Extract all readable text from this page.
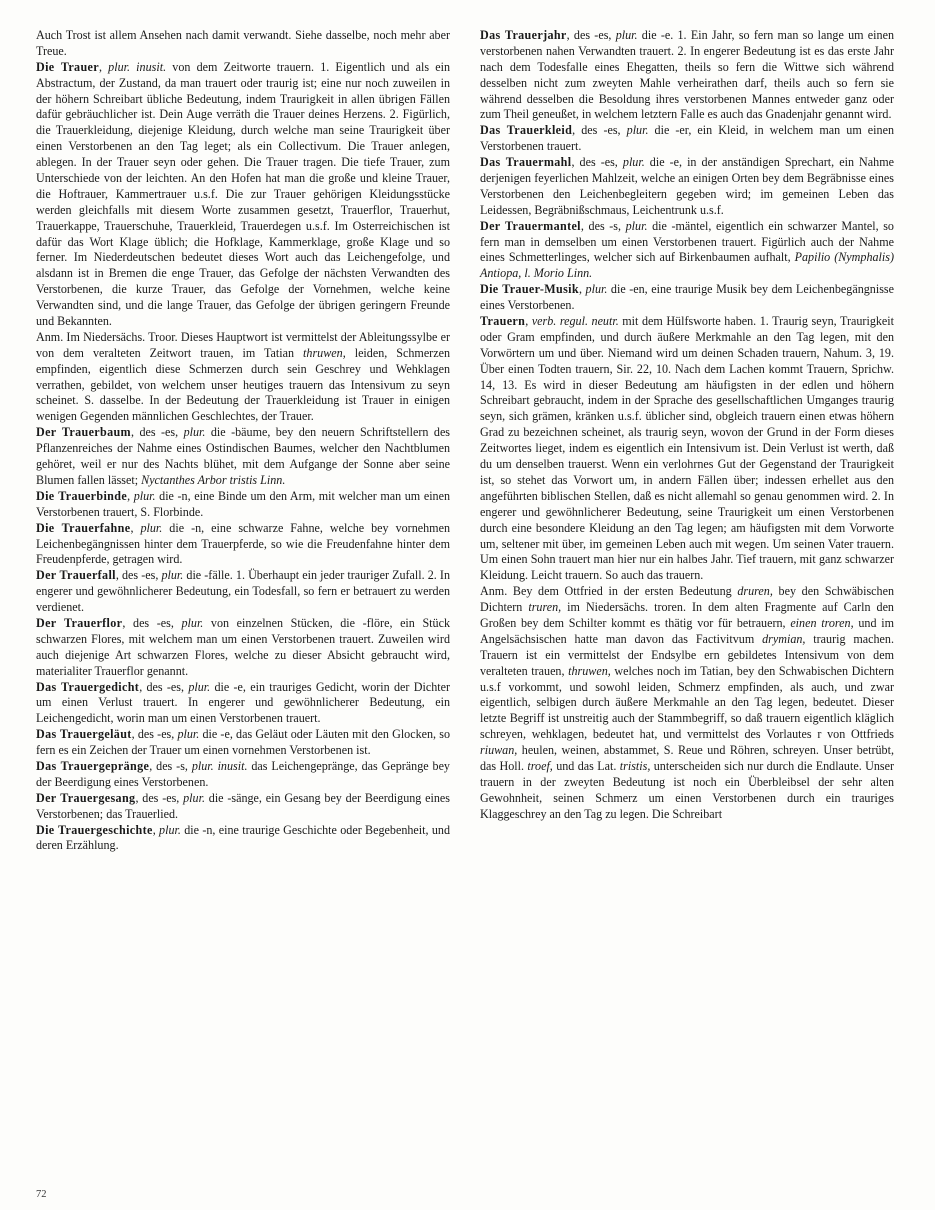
Auch Trost ist allem Ansehen nach damit verwandt. Siehe dasselbe, noch mehr aber Treue.

Die Trauer, plur. inusit. von dem Zeitworte trauern. 1. Eigentlich und als ein Abstractum, der Zustand, da man trauert oder traurig ist; eine nur noch zuweilen in der höhern Schreibart übliche Bedeutung, indem Traurigkeit in allen übrigen Fällen dafür gebräuchlicher ist. Dein Auge verräth die Trauer deines Herzens. 2. Figürlich, die Trauerkleidung, diejenige Kleidung, durch welche man seine Traurigkeit über einen Verstorbenen an den Tag leget; als ein Collectivum. Die Trauer anlegen, ablegen. In der Trauer seyn oder gehen. Die Trauer tragen. Die tiefe Trauer, zum Unterschiede von der leichten. An den Hofen hat man die große und kleine Trauer, die Hoftrauer, Kammertrauer u.s.f. Die zur Trauer gehörigen Kleidungsstücke werden gleichfalls mit diesem Worte zusammen gesetzt, Trauerflor, Trauerhut, Trauerkappe, Trauerschuhe, Trauerkleid, Trauerdegen u.s.f. Im Osterreichischen ist dafür das Wort Klage üblich; die Hofklage, Kammerklage, große Klage und so ferner. Im Niederdeutschen bedeutet dieses Wort auch das Leichengefolge, und alsdann ist in Bremen die enge Trauer, das Gefolge der nächsten Verwandten des Verstorbenen, die kurze Trauer, das Gefolge der Vornehmen, welche keine Verwandten sind, und die lange Trauer, das Gefolge der übrigen geringern Freunde und Bekannten.

Anm. Im Niedersächs. Troor. Dieses Hauptwort ist vermittelst der Ableitungssylbe er von dem veralteten Zeitwort trauen, im Tatian thruwen, leiden, Schmerzen empfinden, eigentlich diese Schmerzen durch sein Geschrey und Wehklagen verrathen, gebildet, von welchem unser heutiges trauern das Intensivum zu seyn scheinet. S. dasselbe. In der Bedeutung der Trauerkleidung ist Trauer in einigen wenigen Gegenden männlichen Geschlechtes, der Trauer.

Der Trauerbaum, des -es, plur. die -bäume, bey den neuern Schriftstellern des Pflanzenreiches der Nahme eines Ostindischen Baumes, welcher den Nachtblumen gehöret, weil er nur des Nachts blühet, mit dem Aufgange der Sonne aber seine Blumen fallen lässet; Nyctanthes Arbor tristis Linn.

Die Trauerbinde, plur. die -n, eine Binde um den Arm, mit welcher man um einen Verstorbenen trauert, S. Florbinde.

Die Trauerfahne, plur. die -n, eine schwarze Fahne, welche bey vornehmen Leichenbegängnissen hinter dem Trauerpferde, so wie die Freudenfahne hinter dem Freudenpferde, getragen wird.

Der Trauerfall, des -es, plur. die -fälle. 1. Überhaupt ein jeder trauriger Zufall. 2. In engerer und gewöhnlicherer Bedeutung, ein Todesfall, so fern er betrauert zu werden verdienet.

Der Trauerflor, des -es, plur. von einzelnen Stücken, die -flöre, ein Stück schwarzen Flores, mit welchem man um einen Verstorbenen trauert. Zuweilen wird auch diejenige Art schwarzen Flores, welche zu dieser Absicht gebraucht wird, materialiter Trauerflor genannt.

Das Trauergedicht, des -es, plur. die -e, ein trauriges Gedicht, worin der Dichter um einen Verlust trauert. In engerer und gewöhnlicherer Bedeutung, ein Leichengedicht, worin man um einen Verstorbenen trauert.

Das Trauergeläut, des -es, plur. die -e, das Geläut oder Läuten mit den Glocken, so fern es ein Zeichen der Trauer um einen vornehmen Verstorbenen ist.

Das Trauergepränge, des -s, plur. inusit. das Leichengepränge, das Gepränge bey der Beerdigung eines Verstorbenen.

Der Trauergesang, des -es, plur. die -sänge, ein Gesang bey der Beerdigung eines Verstorbenen; das Trauerlied.

Die Trauergeschichte, plur. die -n, eine traurige Geschichte oder Begebenheit, und deren Erzählung.

Das Trauerjahr, des -es, plur. die -e. 1. Ein Jahr, so fern man so lange um einen verstorbenen nahen Verwandten trauert. 2. In engerer Bedeutung ist es das erste Jahr nach dem Todesfalle eines Ehegatten, theils so fern die Wittwe sich während desselben nicht zum zweyten Mahle verheirathen darf, theils auch so fern sie während desselben die Besoldung ihres verstorbenen Mannes entweder ganz oder zum Theil geneußet, in welchem letztern Falle es auch das Gnadenjahr genannt wird.

Das Trauerkleid, des -es, plur. die -er, ein Kleid, in welchem man um einen Verstorbenen trauert.

Das Trauermahl, des -es, plur. die -e, in der anständigen Sprechart, ein Nahme derjenigen feyerlichen Mahlzeit, welche an einigen Orten bey dem Begräbnisse eines Verstorbenen den Leichenbegleitern gegeben wird; im gemeinen Leben das Leidessen, Begräbnißschmaus, Leichentrunk u.s.f.

Der Trauermantel, des -s, plur. die -mäntel, eigentlich ein schwarzer Mantel, so fern man in demselben um einen Verstorbenen trauert. Figürlich auch der Nahme eines Schmetterlinges, welcher sich auf Birkenbaumen aufhalt, Papilio (Nymphalis) Antiopa, l. Morio Linn.

Die Trauer-Musik, plur. die -en, eine traurige Musik bey dem Leichenbegängnisse eines Verstorbenen.

Trauern, verb. regul. neutr. mit dem Hülfsworte haben. 1. Traurig seyn, Traurigkeit oder Gram empfinden, und durch äußere Merkmahle an den Tag legen, mit den Vorwörtern um und über. Niemand wird um deinen Schaden trauern, Nahum. 3, 19. Über einen Todten trauern, Sir. 22, 10. Nach dem Lachen kommt Trauern, Sprichw. 14, 13. Es wird in dieser Bedeutung am häufigsten in der edlen und höhern Schreibart gebraucht, indem in der Sprache des gesellschaftlichen Umganges traurig seyn, sich grämen, kränken u.s.f. üblicher sind, obgleich trauern einen etwas höhern Grad zu bezeichnen scheinet, als traurig seyn, wovon der Grund in der Form dieses Zeitwortes lieget, indem es eigentlich ein Intensivum ist. Dein Verlust ist werth, daß du um denselben trauerst. Wenn ein verlohrnes Gut der Gegenstand der Traurigkeit ist, so stehet das Vorwort um, in andern Fällen über; indessen erhellet aus den angeführten biblischen Stellen, daß es nicht allemahl so genau genommen wird. 2. In engerer und gewöhnlicherer Bedeutung, seine Traurigkeit um einen Verstorbenen durch eine besondere Kleidung an den Tag legen; am häufigsten mit dem Vorworte um, seltener mit über, im gemeinen Leben auch mit wegen. Um seinen Vater trauern. Um einen Sohn trauert man hier nur ein halbes Jahr. Tief trauern, mit ganz schwarzer Kleidung. Leicht trauern. So auch das trauern.

Anm. Bey dem Ottfried in der ersten Bedeutung druren, bey den Schwäbischen Dichtern truren, im Niedersächs. troren. In dem alten Fragmente auf Carln den Großen bey dem Schilter kommt es thätig vor für betrauern, einen troren, und im Angelsächsischen hatte man davon das Factivitvum drymian, traurig machen. Trauern ist ein vermittelst der Endsylbe ern gebildetes Intensivum von dem veralteten trauen, thruwen, welches noch im Tatian, bey den Schwabischen Dichtern u.s.f vorkommt, und sowohl leiden, Schmerz empfinden, als auch, und zwar eigentlich, selbigen durch äußere Merkmahle an den Tag legen, bedeutet. Dieser letzte Begriff ist unstreitig auch der Stammbegriff, so daß trauern eigentlich kläglich schreyen, wehklagen, bedeutet hat, und vermittelst des Vorlautes r von Ottfrieds riuwan, heulen, weinen, abstammet, S. Reue und Röhren, schreyen. Unser betrübt, das Holl. troef, und das Lat. tristis, unterscheiden sich nur durch die Endlaute. Unser trauern in der zweyten Bedeutung ist noch ein Überbleibsel der sehr alten Gewohnheit, seinen Schmerz um einen Verstorbenen durch ein trauriges Klaggeschrey an den Tag zu legen. Die Schreibart

72
